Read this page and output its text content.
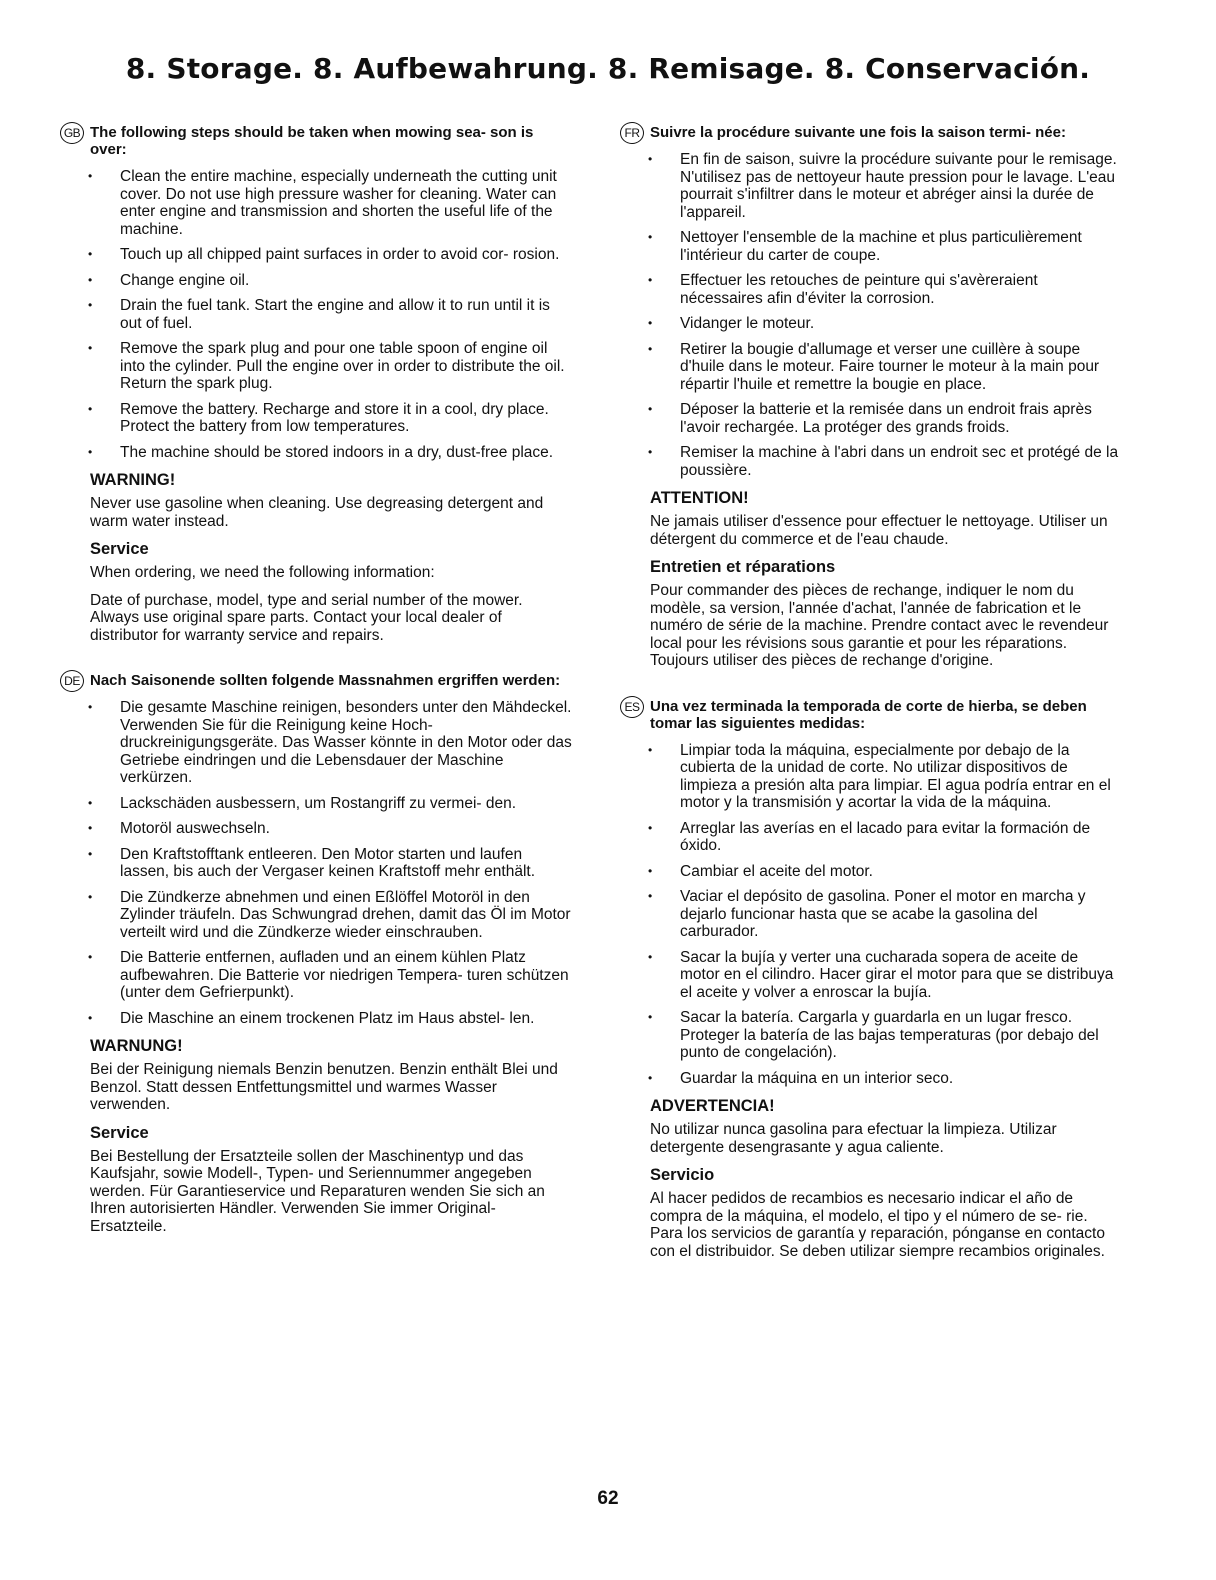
8. Storage. 8. Aufbewahrung. 8. Remisage. 8. Conservación.
GB The following steps should be taken when mowing sea- son is over:
• Clean the entire machine, especially underneath the cutting unit cover. Do not use high pressure washer for cleaning. Water can enter engine and transmission and shorten the useful life of the machine.
• Touch up all chipped paint surfaces in order to avoid cor- rosion.
• Change engine oil.
• Drain the fuel tank. Start the engine and allow it to run until it is out of fuel.
• Remove the spark plug and pour one table spoon of engine oil into the cylinder. Pull the engine over in order to distribute the oil. Return the spark plug.
• Remove the battery. Recharge and store it in a cool, dry place. Protect the battery from low temperatures.
• The machine should be stored indoors in a dry, dust-free place.
WARNING!
Never use gasoline when cleaning. Use degreasing detergent and warm water instead.
Service
When ordering, we need the following information:
Date of purchase, model, type and serial number of the mower. Always use original spare parts. Contact your local dealer of distributor for warranty service and repairs.
DE Nach Saisonende sollten folgende Massnahmen ergriffen werden:
• Die gesamte Maschine reinigen, besonders unter den Mähdeckel. Verwenden Sie für die Reinigung keine Hoch- druckreinigungsgeräte. Das Wasser könnte in den Motor oder das Getriebe eindringen und die Lebensdauer der Maschine verkürzen.
• Lackschäden ausbessern, um Rostangriff zu vermei- den.
• Motoröl auswechseln.
• Den Kraftstofftank entleeren. Den Motor starten und laufen lassen, bis auch der Vergaser keinen Kraftstoff mehr enthält.
• Die Zündkerze abnehmen und einen Eßlöffel Motoröl in den Zylinder träufeln. Das Schwungrad drehen, damit das Öl im Motor verteilt wird und die Zündkerze wieder einschrauben.
• Die Batterie entfernen, aufladen und an einem kühlen Platz aufbewahren. Die Batterie vor niedrigen Tempera- turen schützen (unter dem Gefrierpunkt).
• Die Maschine an einem trockenen Platz im Haus abstel- len.
WARNUNG!
Bei der Reinigung niemals Benzin benutzen. Benzin enthält Blei und Benzol. Statt dessen Entfettungsmittel und warmes Wasser verwenden.
Service
Bei Bestellung der Ersatzteile sollen der Maschinentyp und das Kaufsjahr, sowie Modell-, Typen- und Seriennummer angegeben werden. Für Garantieservice und Reparaturen wenden Sie sich an Ihren autorisierten Händler. Verwenden Sie immer Original-Ersatzteile.
FR Suivre la procédure suivante une fois la saison termi- née:
• En fin de saison, suivre la procédure suivante pour le remisage. N'utilisez pas de nettoyeur haute pression pour le lavage. L'eau pourrait s'infiltrer dans le moteur et abréger ainsi la durée de l'appareil.
• Nettoyer l'ensemble de la machine et plus particulièrement l'intérieur du carter de coupe.
• Effectuer les retouches de peinture qui s'avèreraient nécessaires afin d'éviter la corrosion.
• Vidanger le moteur.
• Retirer la bougie d'allumage et verser une cuillère à soupe d'huile dans le moteur. Faire tourner le moteur à la main pour répartir l'huile et remettre la bougie en place.
• Déposer la batterie et la remisée dans un endroit frais après l'avoir rechargée. La protéger des grands froids.
• Remiser la machine à l'abri dans un endroit sec et protégé de la poussière.
ATTENTION!
Ne jamais utiliser d'essence pour effectuer le nettoyage. Utiliser un détergent du commerce et de l'eau chaude.
Entretien et réparations
Pour commander des pièces de rechange, indiquer le nom du modèle, sa version, l'année d'achat, l'année de fabrication et le numéro de série de la machine. Prendre contact avec le revendeur local pour les révisions sous garantie et pour les réparations. Toujours utiliser des pièces de rechange d'origine.
ES Una vez terminada la temporada de corte de hierba, se deben tomar las siguientes medidas:
• Limpiar toda la máquina, especialmente por debajo de la cubierta de la unidad de corte. No utilizar dispositivos de limpieza a presión alta para limpiar. El agua podría entrar en el motor y la transmisión y acortar la vida de la máquina.
• Arreglar las averías en el lacado para evitar la formación de óxido.
• Cambiar el aceite del motor.
• Vaciar el depósito de gasolina. Poner el motor en marcha y dejarlo funcionar hasta que se acabe la gasolina del carburador.
• Sacar la bujía y verter una cucharada sopera de aceite de motor en el cilindro. Hacer girar el motor para que se distribuya el aceite y volver a enroscar la bujía.
• Sacar la batería. Cargarla y guardarla en un lugar fresco. Proteger la batería de las bajas temperaturas (por debajo del punto de congelación).
• Guardar la máquina en un interior seco.
ADVERTENCIA!
No utilizar nunca gasolina para efectuar la limpieza. Utilizar detergente desengrasante y agua caliente.
Servicio
Al hacer pedidos de recambios es necesario indicar el año de compra de la máquina, el modelo, el tipo y el número de se- rie. Para los servicios de garantía y reparación, pónganse en contacto con el distribuidor. Se deben utilizar siempre recambios originales.
62
